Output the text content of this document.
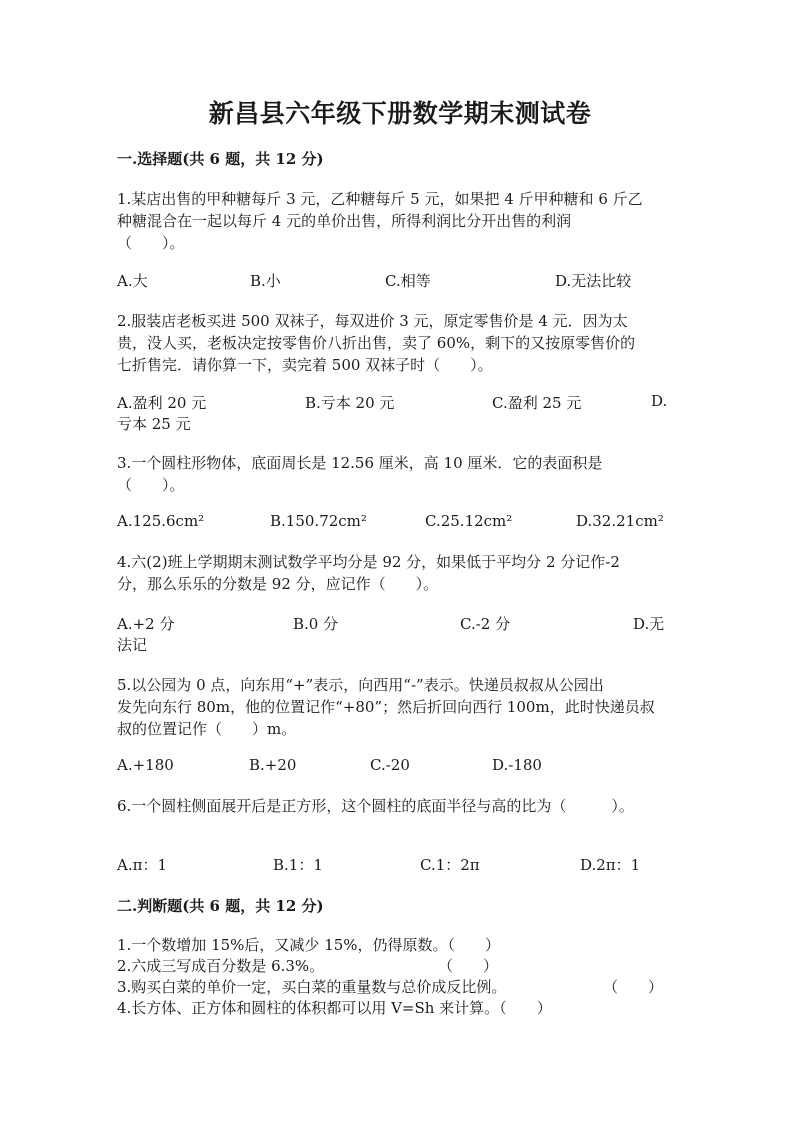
新昌县六年级下册数学期末测试卷
一.选择题(共 6 题，共 12 分)
1.某店出售的甲种糖每斤 3 元，乙种糖每斤 5 元，如果把 4 斤甲种糖和 6 斤乙
种糖混合在一起以每斤 4 元的单价出售，所得利润比分开出售的利润
（　　）。
A.大	B.小	C.相等	D.无法比较
2.服装店老板买进 500 双袜子，每双进价 3 元，原定零售价是 4 元．因为太
贵，没人买，老板决定按零售价八折出售，卖了 60%，剩下的又按原零售价的
七折售完．请你算一下，卖完着 500 双袜子时（　　）。
A.盈利 20 元	B.亏本 20 元	C.盈利 25 元	D.
亏本 25 元
3.一个圆柱形物体，底面周长是 12.56 厘米，高 10 厘米．它的表面积是
（　　）。
A.125.6cm²	B.150.72cm²	C.25.12cm²	D.32.21cm²
4.六(2)班上学期期末测试数学平均分是 92 分，如果低于平均分 2 分记作-2
分，那么乐乐的分数是 92 分，应记作（　　）。
A.+2 分	B.0 分	C.-2 分	D.无
法记
5.以公园为 0 点，向东用“+”表示，向西用“-”表示。快递员叔叔从公园出
发先向东行 80m，他的位置记作“+80”；然后折回向西行 100m，此时快递员叔
叔的位置记作（　　）m。
A.+180	B.+20	C.-20	D.-180
6.一个圆柱侧面展开后是正方形，这个圆柱的底面半径与高的比为（　　　）。
A.π：1	B.1：1	C.1：2π	D.2π：1
二.判断题(共 6 题，共 12 分)
1.一个数增加 15%后，又减少 15%，仍得原数。（　　）
2.六成三写成百分数是 6.3%。	（　　）
3.购买白菜的单价一定，买白菜的重量数与总价成反比例。	（　　）
4.长方体、正方体和圆柱的体积都可以用 V=Sh 来计算。（　　）
